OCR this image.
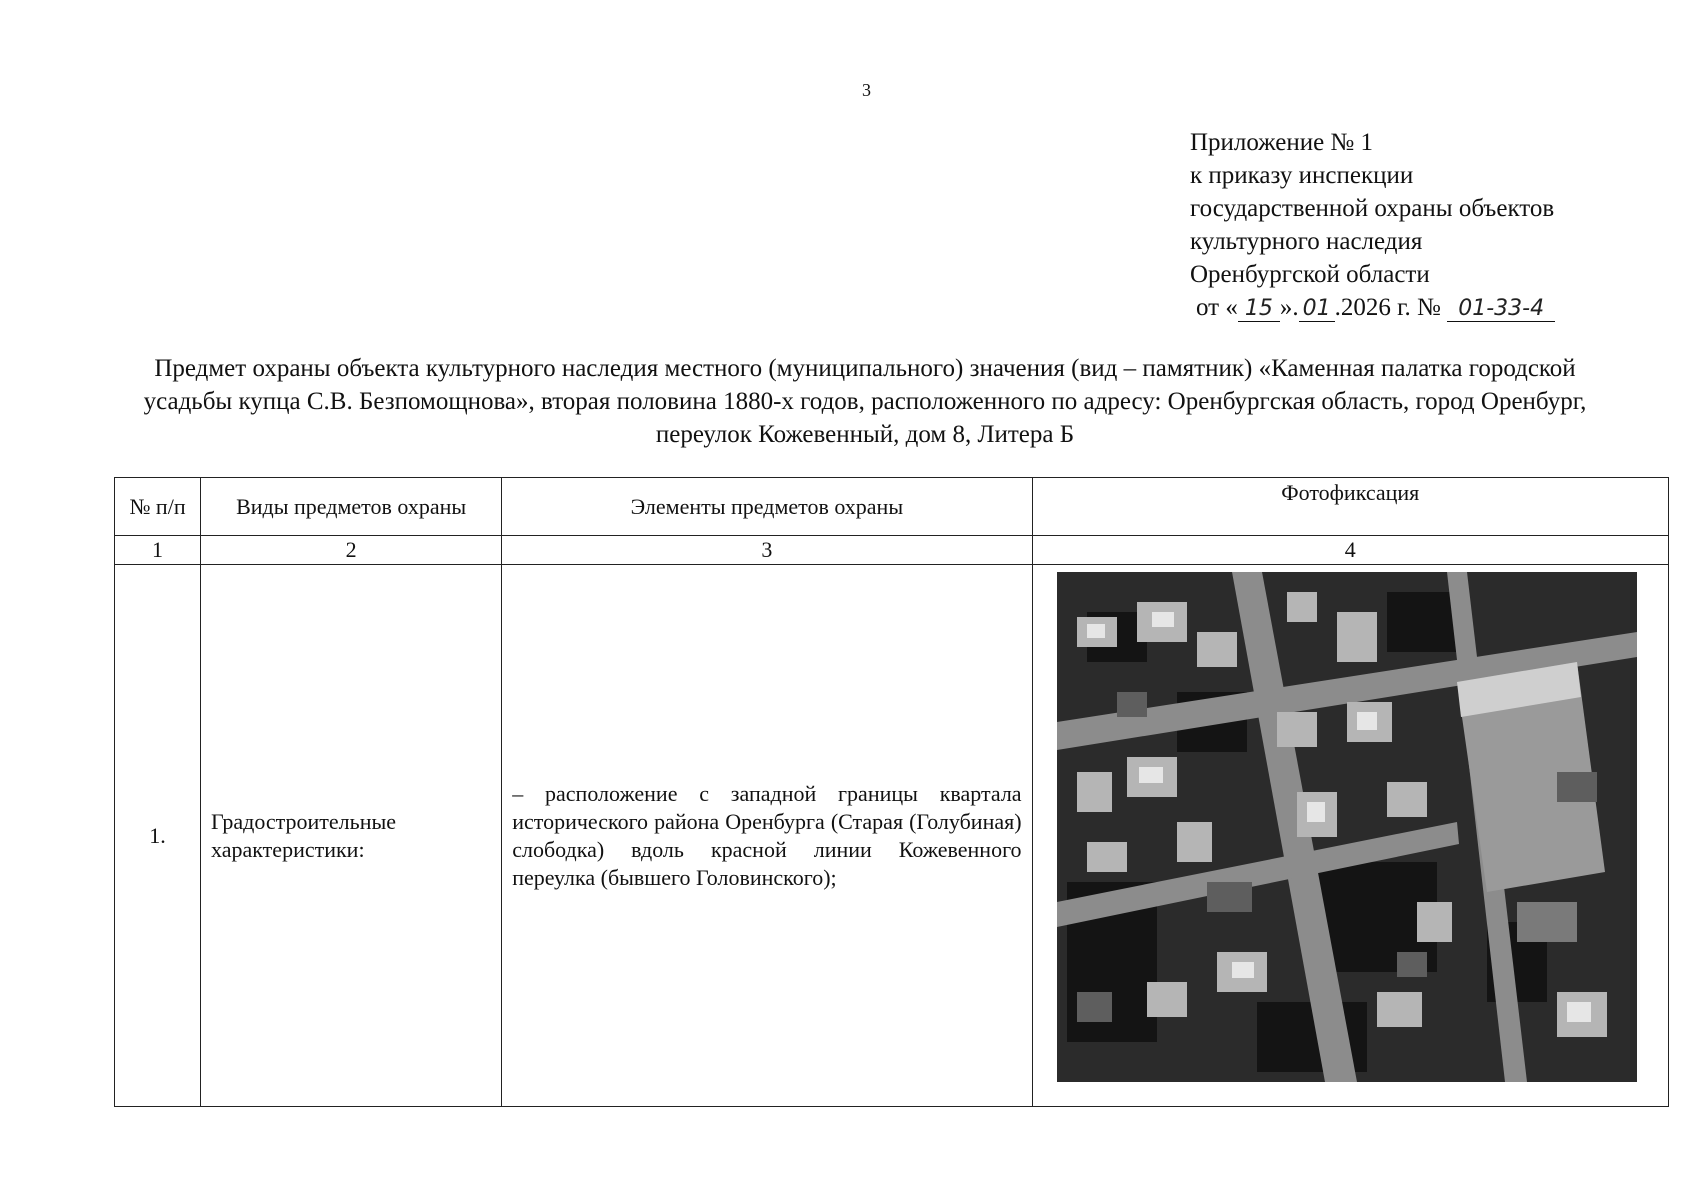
3
Приложение № 1
к приказу инспекции
государственной охраны объектов
культурного наследия
Оренбургской области
от « 15 ». 01 .2026 г. № 01-33-4
Предмет охраны объекта культурного наследия местного (муниципального) значения (вид – памятник) «Каменная палатка городской усадьбы купца С.В. Безпомощнова», вторая половина 1880-х годов, расположенного по адресу: Оренбургская область, город Оренбург, переулок Кожевенный, дом 8, Литера Б
№ п/п	Виды предметов охраны	Элементы предметов охраны	Фотофиксация
1	2	3	4
1.	Градостроительные характеристики:	– расположение с западной границы квартала исторического района Оренбурга (Старая (Голубиная) слободка) вдоль красной линии Кожевенного переулка (бывшего Головинского);	
